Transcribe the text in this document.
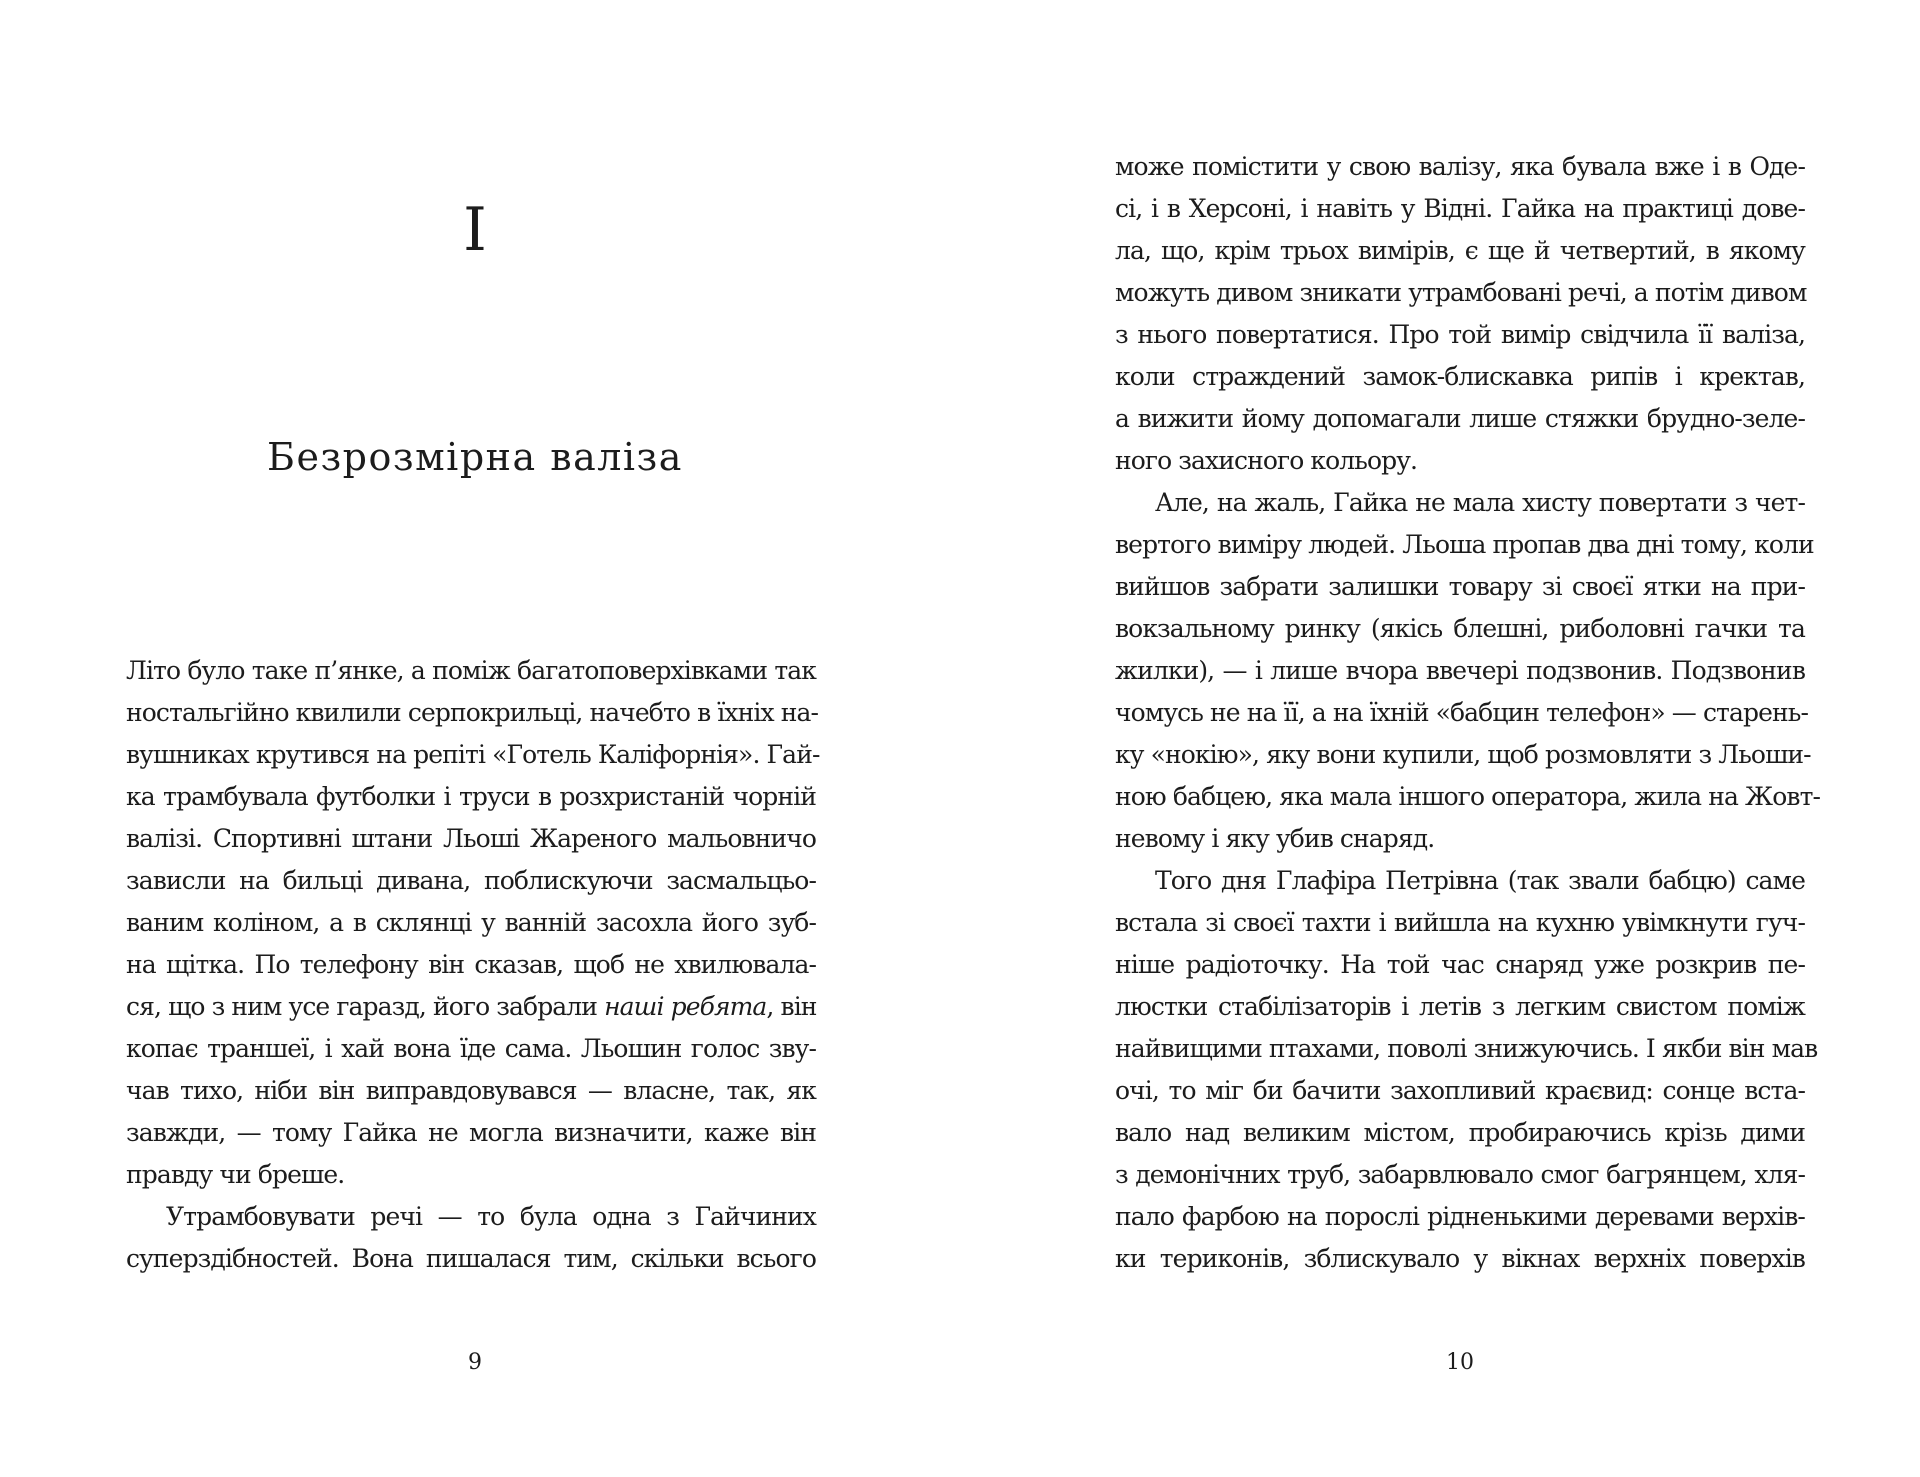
I
Безрозмірна валіза
Літо було таке п’янке, а поміж багатоповерхівками так
ностальгійно квилили серпокрильці, начебто в їхніх на-
вушниках крутився на репіті «Готель Каліфорнія». Гай-
ка трамбувала футболки і труси в розхристаній чорній
валізі. Спортивні штани Льоші Жареного мальовничо
зависли на бильці дивана, поблискуючи засмальцьо-
ваним коліном, а в склянці у ванній засохла його зуб-
на щітка. По телефону він сказав, щоб не хвилювала-
ся, що з ним усе гаразд, його забрали наші ребята, він
копає траншеї, і хай вона їде сама. Льошин голос зву-
чав тихо, ніби він виправдовувався — власне, так, як
завжди, — тому Гайка не могла визначити, каже він
правду чи бреше.
Утрамбовувати речі — то була одна з Гайчиних
суперздібностей. Вона пишалася тим, скільки всього

9

може помістити у свою валізу, яка бувала вже і в Оде-
сі, і в Херсоні, і навіть у Відні. Гайка на практиці дове-
ла, що, крім трьох вимірів, є ще й четвертий, в якому
можуть дивом зникати утрамбовані речі, а потім дивом
з нього повертатися. Про той вимір свідчила її валіза,
коли страждений замок-блискавка рипів і кректав,
а вижити йому допомагали лише стяжки брудно-зеле-
ного захисного кольору.
Але, на жаль, Гайка не мала хисту повертати з чет-
вертого виміру людей. Льоша пропав два дні тому, коли
вийшов забрати залишки товару зі своєї ятки на при-
вокзальному ринку (якісь блешні, риболовні гачки та
жилки), — і лише вчора ввечері подзвонив. Подзвонив
чомусь не на її, а на їхній «бабцин телефон» — старень-
ку «нокію», яку вони купили, щоб розмовляти з Льоши-
ною бабцею, яка мала іншого оператора, жила на Жовт-
невому і яку убив снаряд.
Того дня Глафіра Петрівна (так звали бабцю) саме
встала зі своєї тахти і вийшла на кухню увімкнути гуч-
ніше радіоточку. На той час снаряд уже розкрив пе-
люстки стабілізаторів і летів з легким свистом поміж
найвищими птахами, поволі знижуючись. І якби він мав
очі, то міг би бачити захопливий краєвид: сонце вста-
вало над великим містом, пробираючись крізь дими
з демонічних труб, забарвлювало смог багрянцем, хля-
пало фарбою на порослі рідненькими деревами верхів-
ки териконів, зблискувало у вікнах верхніх поверхів

10
